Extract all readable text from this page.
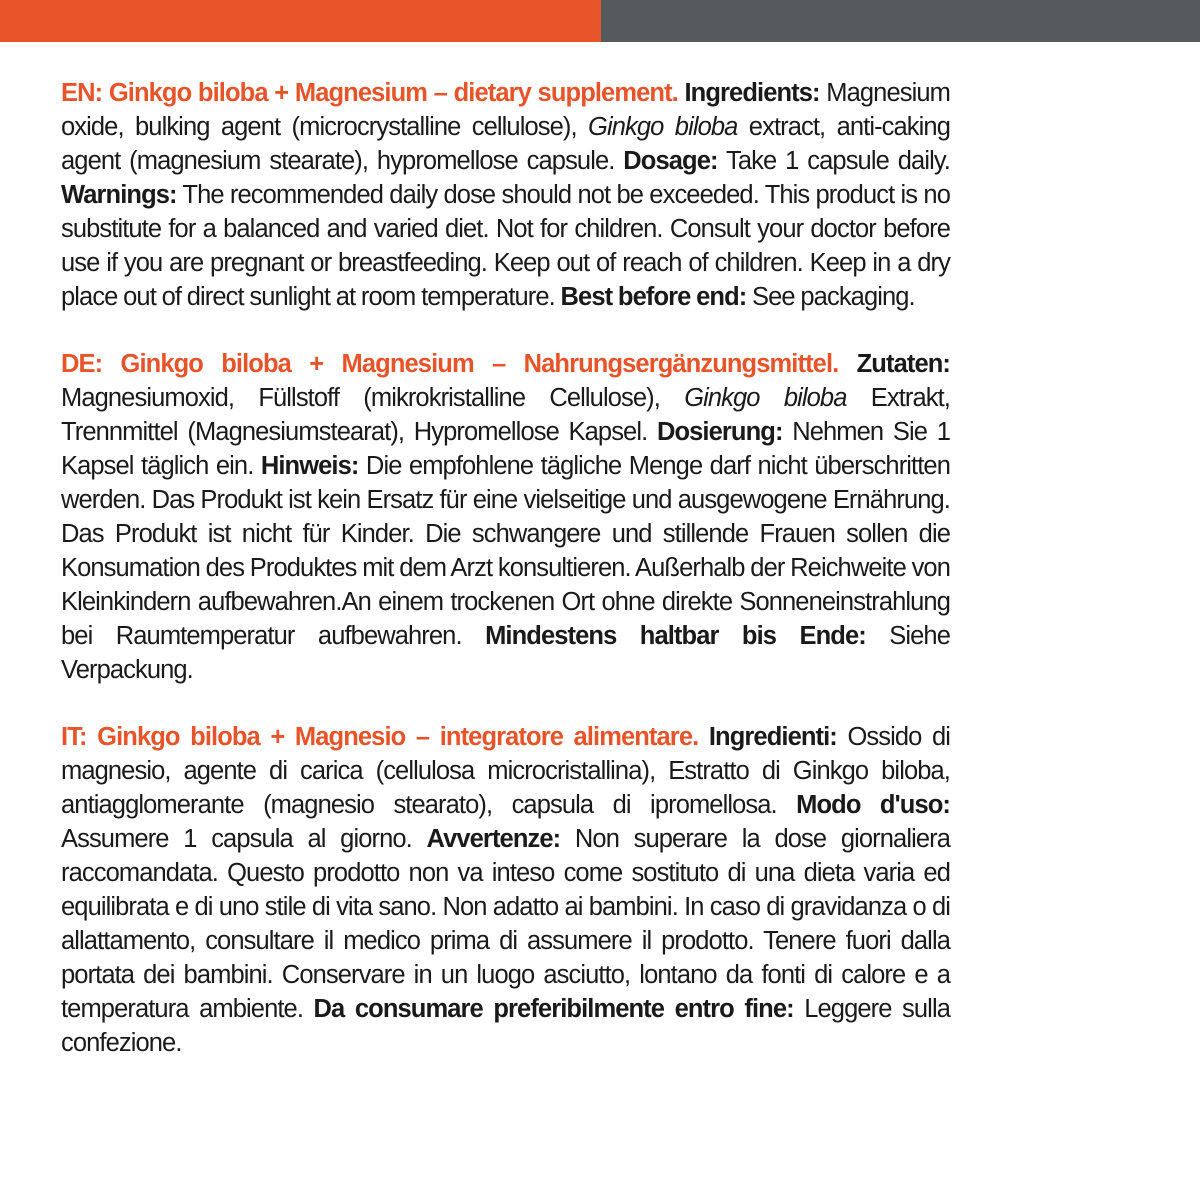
EN: Ginkgo biloba + Magnesium – dietary supplement. Ingredients: Magnesium oxide, bulking agent (microcrystalline cellulose), Ginkgo biloba extract, anti-caking agent (magnesium stearate), hypromellose capsule. Dosage: Take 1 capsule daily. Warnings: The recommended daily dose should not be exceeded. This product is no substitute for a balanced and varied diet. Not for children. Consult your doctor before use if you are pregnant or breastfeeding. Keep out of reach of children. Keep in a dry place out of direct sunlight at room temperature. Best before end: See packaging.

DE: Ginkgo biloba + Magnesium – Nahrungsergänzungsmittel. Zutaten: Magnesiumoxid, Füllstoff (mikrokristalline Cellulose), Ginkgo biloba Extrakt, Trennmittel (Magnesiumstearat), Hypromellose Kapsel. Dosierung: Nehmen Sie 1 Kapsel täglich ein. Hinweis: Die empfohlene tägliche Menge darf nicht überschritten werden. Das Produkt ist kein Ersatz für eine vielseitige und ausgewogene Ernährung. Das Produkt ist nicht für Kinder. Die schwangere und stillende Frauen sollen die Konsumation des Produktes mit dem Arzt konsultieren. Außerhalb der Reichweite von Kleinkindern aufbewahren.An einem trockenen Ort ohne direkte Sonneneinstrahlung bei Raumtemperatur aufbewahren. Mindestens haltbar bis Ende: Siehe Verpackung.

IT: Ginkgo biloba + Magnesio – integratore alimentare. Ingredienti: Ossido di magnesio, agente di carica (cellulosa microcristallina), Estratto di Ginkgo biloba, antiagglomerante (magnesio stearato), capsula di ipromellosa. Modo d'uso: Assumere 1 capsula al giorno. Avvertenze: Non superare la dose giornaliera raccomandata. Questo prodotto non va inteso come sostituto di una dieta varia ed equilibrata e di uno stile di vita sano. Non adatto ai bambini. In caso di gravidanza o di allattamento, consultare il medico prima di assumere il prodotto. Tenere fuori dalla portata dei bambini. Conservare in un luogo asciutto, lontano da fonti di calore e a temperatura ambiente. Da consumare preferibilmente entro fine: Leggere sulla confezione.
